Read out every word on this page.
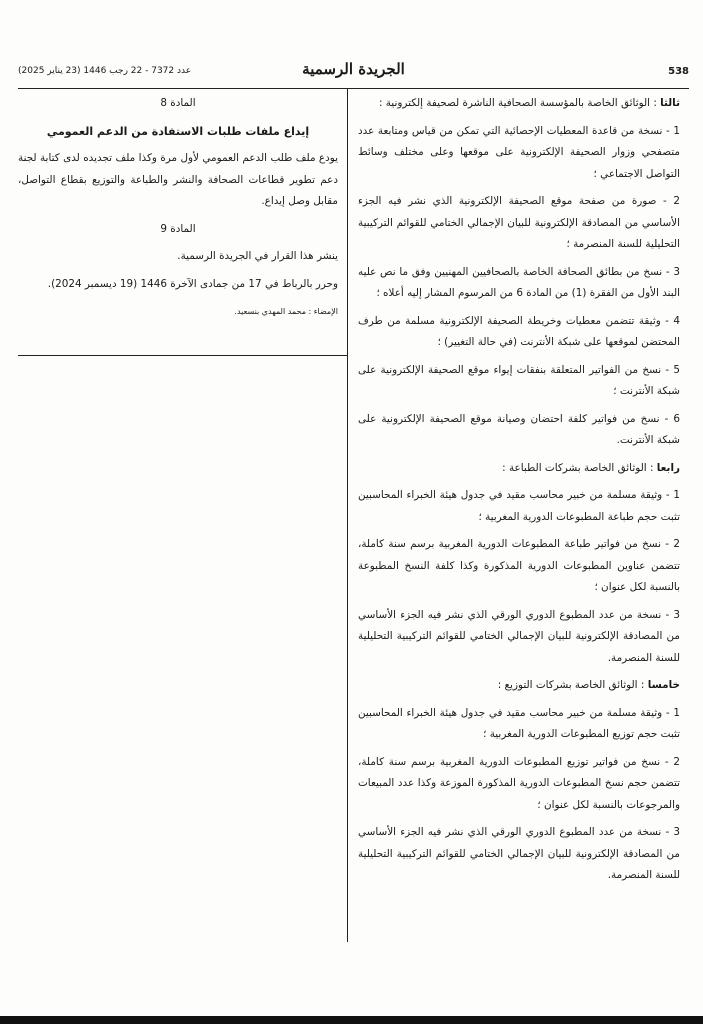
538
الجريدة الرسمية
عدد 7372 - 22 رجب 1446 (23 يناير 2025)

ثالثا : الوثائق الخاصة بالمؤسسة الصحافية الناشرة لصحيفة إلكترونية :

1 - نسخة من قاعدة المعطيات الإحصائية التي تمكن من قياس ومتابعة عدد متصفحي وزوار الصحيفة الإلكترونية على موقعها وعلى مختلف وسائط التواصل الاجتماعي ؛

2 - صورة من صفحة موقع الصحيفة الإلكترونية الذي نشر فيه الجزء الأساسي من المصادقة الإلكترونية للبيان الإجمالي الختامي للقوائم التركيبية التحليلية للسنة المنصرمة ؛

3 - نسخ من بطائق الصحافة الخاصة بالصحافيين المهنيين وفق ما نص عليه البند الأول من الفقرة (1) من المادة 6 من المرسوم المشار إليه أعلاه ؛

4 - وثيقة تتضمن معطيات وخريطة الصحيفة الإلكترونية مسلمة من طرف المحتضن لموقعها على شبكة الأنترنت (في حالة التغيير) ؛

5 - نسخ من الفواتير المتعلقة بنفقات إيواء موقع الصحيفة الإلكترونية على شبكة الأنترنت ؛

6 - نسخ من فواتير كلفة احتضان وصيانة موقع الصحيفة الإلكترونية على شبكة الأنترنت.

رابعا : الوثائق الخاصة بشركات الطباعة :

1 - وثيقة مسلمة من خبير محاسب مقيد في جدول هيئة الخبراء المحاسبين تثبت حجم طباعة المطبوعات الدورية المغربية ؛

2 - نسخ من فواتير طباعة المطبوعات الدورية المغربية برسم سنة كاملة، تتضمن عناوين المطبوعات الدورية المذكورة وكذا كلفة النسخ المطبوعة بالنسبة لكل عنوان ؛

3 - نسخة من عدد المطبوع الدوري الورقي الذي نشر فيه الجزء الأساسي من المصادقة الإلكترونية للبيان الإجمالي الختامي للقوائم التركيبية التحليلية للسنة المنصرمة.

خامسا : الوثائق الخاصة بشركات التوزيع :

1 - وثيقة مسلمة من خبير محاسب مقيد في جدول هيئة الخبراء المحاسبين تثبت حجم توزيع المطبوعات الدورية المغربية ؛

2 - نسخ من فواتير توزيع المطبوعات الدورية المغربية برسم سنة كاملة، تتضمن حجم نسخ المطبوعات الدورية المذكورة الموزعة وكذا عدد المبيعات والمرجوعات بالنسبة لكل عنوان ؛

3 - نسخة من عدد المطبوع الدوري الورقي الذي نشر فيه الجزء الأساسي من المصادقة الإلكترونية للبيان الإجمالي الختامي للقوائم التركيبية التحليلية للسنة المنصرمة.

المادة 8

إيداع ملفات طلبات الاستفادة من الدعم العمومي

يودع ملف طلب الدعم العمومي لأول مرة وكذا ملف تجديده لدى كتابة لجنة دعم تطوير قطاعات الصحافة والنشر والطباعة والتوزيع بقطاع التواصل، مقابل وصل إيداع.

المادة 9

ينشر هذا القرار في الجريدة الرسمية.

وحرر بالرباط في 17 من جمادى الآخرة 1446 (19 ديسمبر 2024).

الإمضاء : محمد المهدي بنسعيد.
